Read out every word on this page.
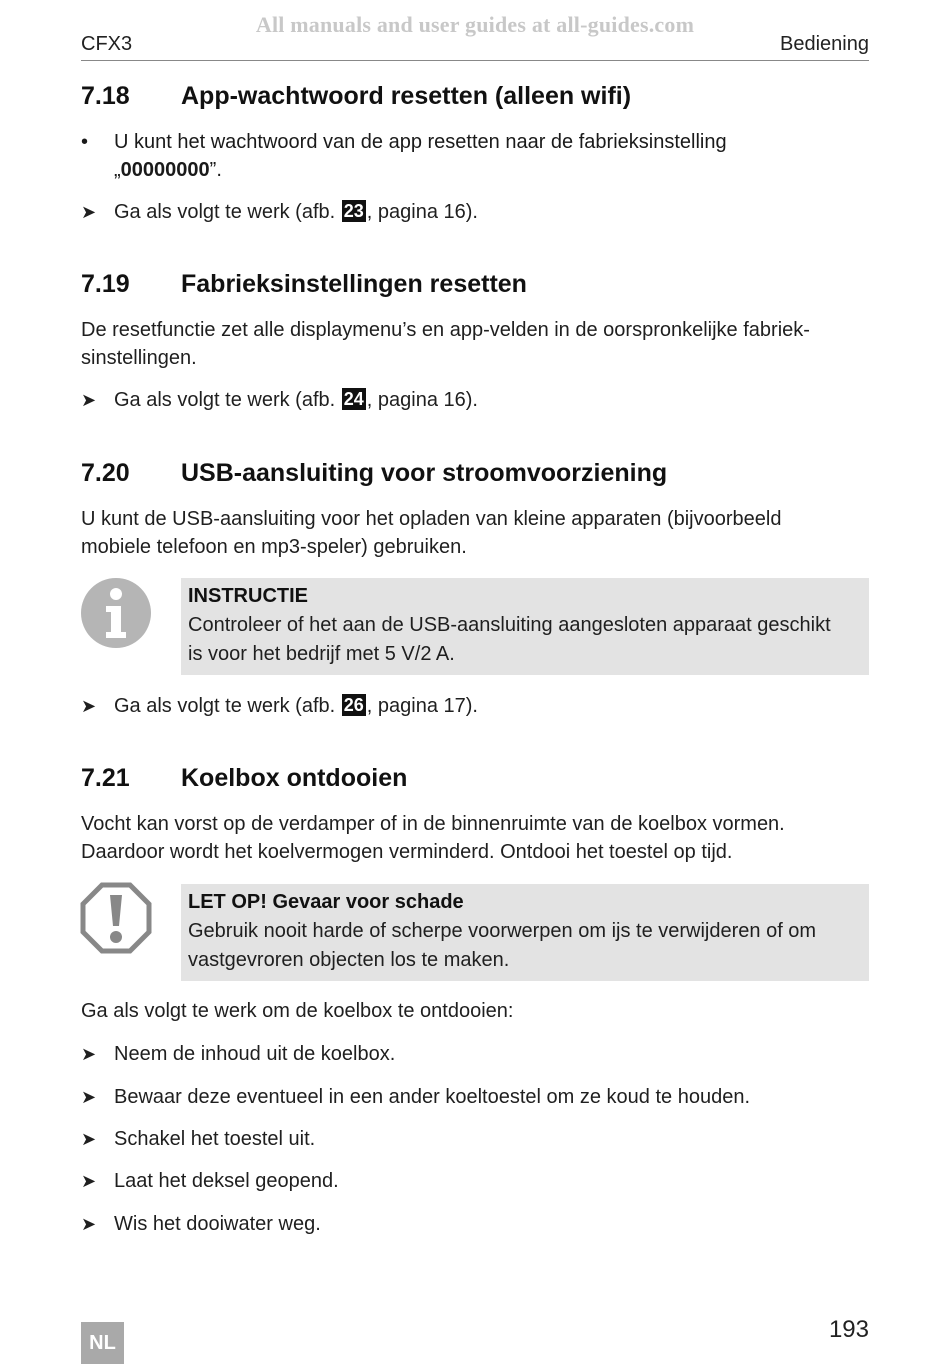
All manuals and user guides at all-guides.com
CFX3	Bediening
7.18	App-wachtwoord resetten (alleen wifi)
•	U kunt het wachtwoord van de app resetten naar de fabrieksinstelling
„00000000”.
➤ Ga als volgt te werk (afb. 23 , pagina 16).
7.19	Fabrieksinstellingen resetten
De resetfunctie zet alle displaymenu’s en app-velden in de oorspronkelijke fabriek-
sinstellingen.
➤ Ga als volgt te werk (afb. 24 , pagina 16).
7.20	USB-aansluiting voor stroomvoorziening
U kunt de USB-aansluiting voor het opladen van kleine apparaten (bijvoorbeeld
mobiele telefoon en mp3-speler) gebruiken.
INSTRUCTIE
Controleer of het aan de USB-aansluiting aangesloten apparaat geschikt
is voor het bedrijf met 5 V/2 A.
➤ Ga als volgt te werk (afb. 26 , pagina 17).
7.21	Koelbox ontdooien
Vocht kan vorst op de verdamper of in de binnenruimte van de koelbox vormen.
Daardoor wordt het koelvermogen verminderd. Ontdooi het toestel op tijd.
LET OP! Gevaar voor schade
Gebruik nooit harde of scherpe voorwerpen om ijs te verwijderen of om
vastgevroren objecten los te maken.
Ga als volgt te werk om de koelbox te ontdooien:
➤ Neem de inhoud uit de koelbox.
➤ Bewaar deze eventueel in een ander koeltoestel om ze koud te houden.
➤ Schakel het toestel uit.
➤ Laat het deksel geopend.
➤ Wis het dooiwater weg.
NL	193
